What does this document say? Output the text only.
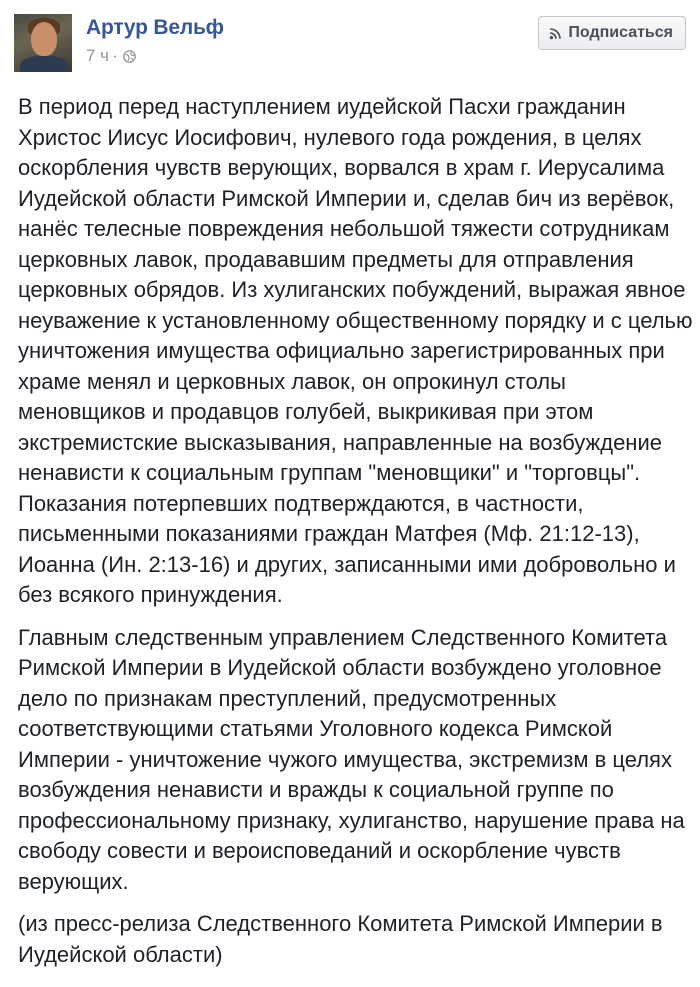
Артур Вельф
7 ч ·
Подписаться

В период перед наступлением иудейской Пасхи гражданин Христос Иисус Иосифович, нулевого года рождения, в целях оскорбления чувств верующих, ворвался в храм г. Иерусалима Иудейской области Римской Империи и, сделав бич из верёвок, нанёс телесные повреждения небольшой тяжести сотрудникам церковных лавок, продававшим предметы для отправления церковных обрядов. Из хулиганских побуждений, выражая явное неуважение к установленному общественному порядку и с целью уничтожения имущества официально зарегистрированных при храме менял и церковных лавок, он опрокинул столы меновщиков и продавцов голубей, выкрикивая при этом экстремистские высказывания, направленные на возбуждение ненависти к социальным группам "меновщики" и "торговцы". Показания потерпевших подтверждаются, в частности, письменными показаниями граждан Матфея (Мф. 21:12-13), Иоанна (Ин. 2:13-16) и других, записанными ими добровольно и без всякого принуждения.

Главным следственным управлением Следственного Комитета Римской Империи в Иудейской области возбуждено уголовное дело по признакам преступлений, предусмотренных соответствующими статьями Уголовного кодекса Римской Империи - уничтожение чужого имущества, экстремизм в целях возбуждения ненависти и вражды к социальной группе по профессиональному признаку, хулиганство, нарушение права на свободу совести и вероисповеданий и оскорбление чувств верующих.

(из пресс-релиза Следственного Комитета Римской Империи в Иудейской области)
